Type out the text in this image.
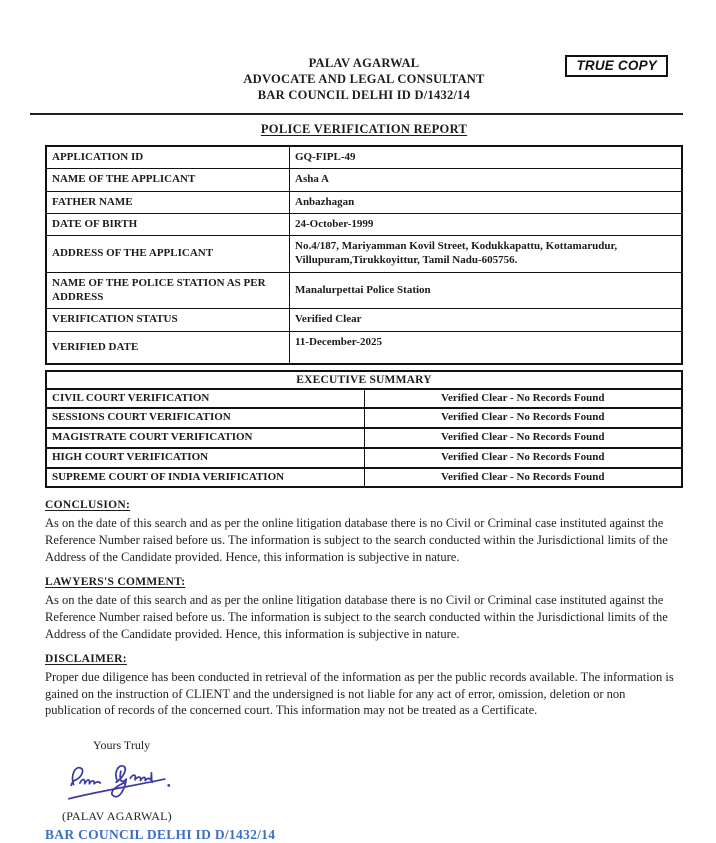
TRUE COPY
PALAV AGARWAL
ADVOCATE AND LEGAL CONSULTANT
BAR COUNCIL DELHI ID D/1432/14
POLICE VERIFICATION REPORT
APPLICATION ID	GQ-FIPL-49
NAME OF THE APPLICANT	Asha A
FATHER NAME	Anbazhagan
DATE OF BIRTH	24-October-1999
ADDRESS OF THE APPLICANT	No.4/187, Mariyamman Kovil Street, Kodukkapattu, Kottamarudur, Villupuram,Tirukkoyittur, Tamil Nadu-605756.
NAME OF THE POLICE STATION AS PER ADDRESS	Manalurpettai Police Station
VERIFICATION STATUS	Verified Clear
VERIFIED DATE	11-December-2025
EXECUTIVE SUMMARY	
CIVIL COURT VERIFICATION	Verified Clear - No Records Found
SESSIONS COURT VERIFICATION	Verified Clear - No Records Found
MAGISTRATE COURT VERIFICATION	Verified Clear - No Records Found
HIGH COURT VERIFICATION	Verified Clear - No Records Found
SUPREME COURT OF INDIA VERIFICATION	Verified Clear - No Records Found
CONCLUSION:

As on the date of this search and as per the online litigation database there is no Civil or Criminal case instituted against the Reference Number raised before us. The information is subject to the search conducted within the Jurisdictional limits of the Address of the Candidate provided. Hence, this information is subjective in nature.

LAWYERS'S COMMENT:

As on the date of this search and as per the online litigation database there is no Civil or Criminal case instituted against the Reference Number raised before us. The information is subject to the search conducted within the Jurisdictional limits of the Address of the Candidate provided. Hence, this information is subjective in nature.

DISCLAIMER:

Proper due diligence has been conducted in retrieval of the information as per the public records available. The information is gained on the instruction of CLIENT and the undersigned is not liable for any act of error, omission, deletion or non publication of records of the concerned court. This information may not be treated as a Certificate.

Yours Truly
(PALAV AGARWAL)
BAR COUNCIL DELHI ID D/1432/14
